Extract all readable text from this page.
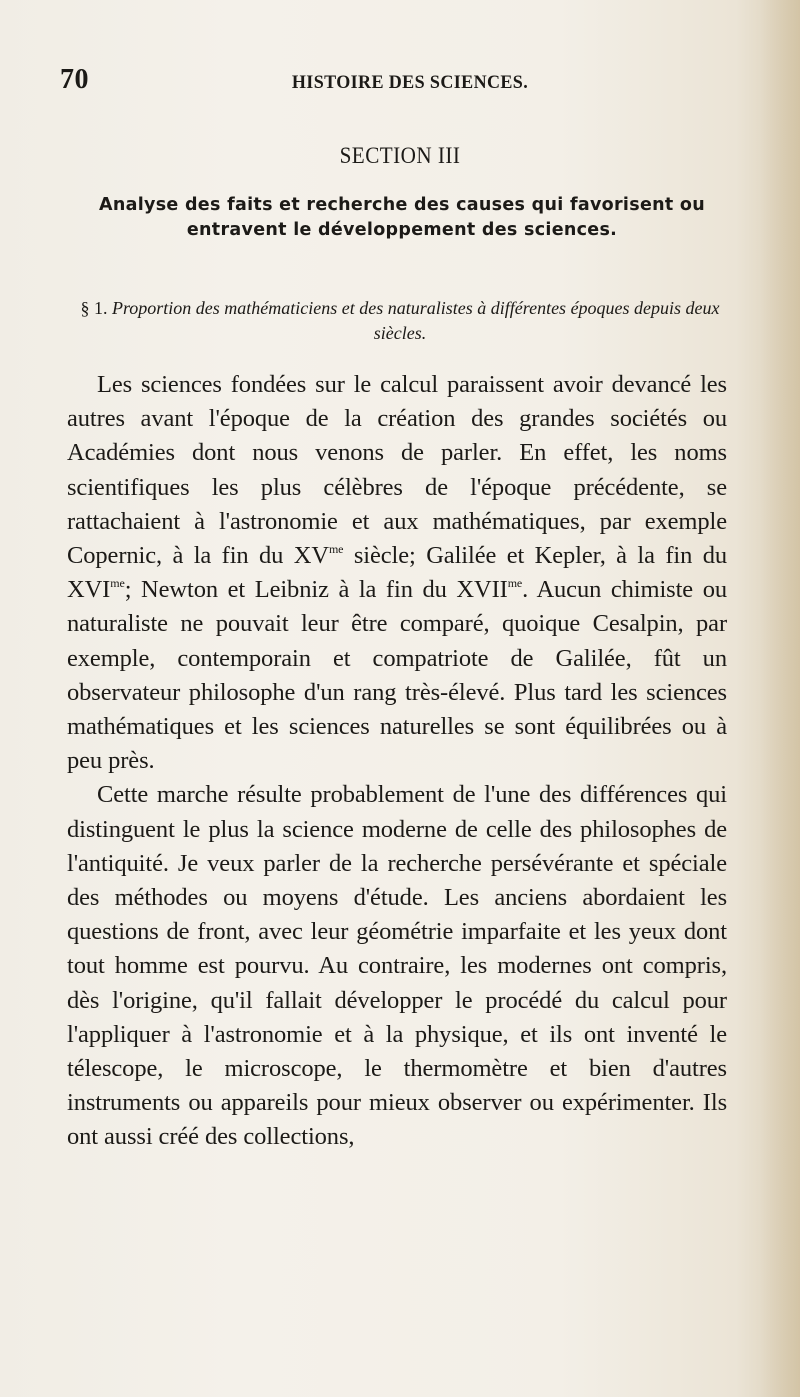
70	HISTOIRE DES SCIENCES.
SECTION III
Analyse des faits et recherche des causes qui favorisent ou entravent le développement des sciences.
§ 1. Proportion des mathématiciens et des naturalistes à différentes époques depuis deux siècles.

Les sciences fondées sur le calcul paraissent avoir devancé les autres avant l'époque de la création des grandes sociétés ou Académies dont nous venons de parler. En effet, les noms scientifiques les plus célèbres de l'époque précédente, se rattachaient à l'astronomie et aux mathématiques, par exemple Copernic, à la fin du $XV^{me}$ siècle; Galilée et Kepler, à la fin du $XVI^{me}$; Newton et Leibniz à la fin du $XVII^{me}$. Aucun chimiste ou naturaliste ne pouvait leur être comparé, quoique Cesalpin, par exemple, contemporain et compatriote de Galilée, fût un observateur philosophe d'un rang très-élevé. Plus tard les sciences mathématiques et les sciences naturelles se sont équilibrées ou à peu près.

Cette marche résulte probablement de l'une des différences qui distinguent le plus la science moderne de celle des philosophes de l'antiquité. Je veux parler de la recherche persévérante et spéciale des méthodes ou moyens d'étude. Les anciens abordaient les questions de front, avec leur géométrie imparfaite et les yeux dont tout homme est pourvu. Au contraire, les modernes ont compris, dès l'origine, qu'il fallait développer le procédé du calcul pour l'appliquer à l'astronomie et à la physique, et ils ont inventé le télescope, le microscope, le thermomètre et bien d'autres instruments ou appareils pour mieux observer ou expérimenter. Ils ont aussi créé des collections,
